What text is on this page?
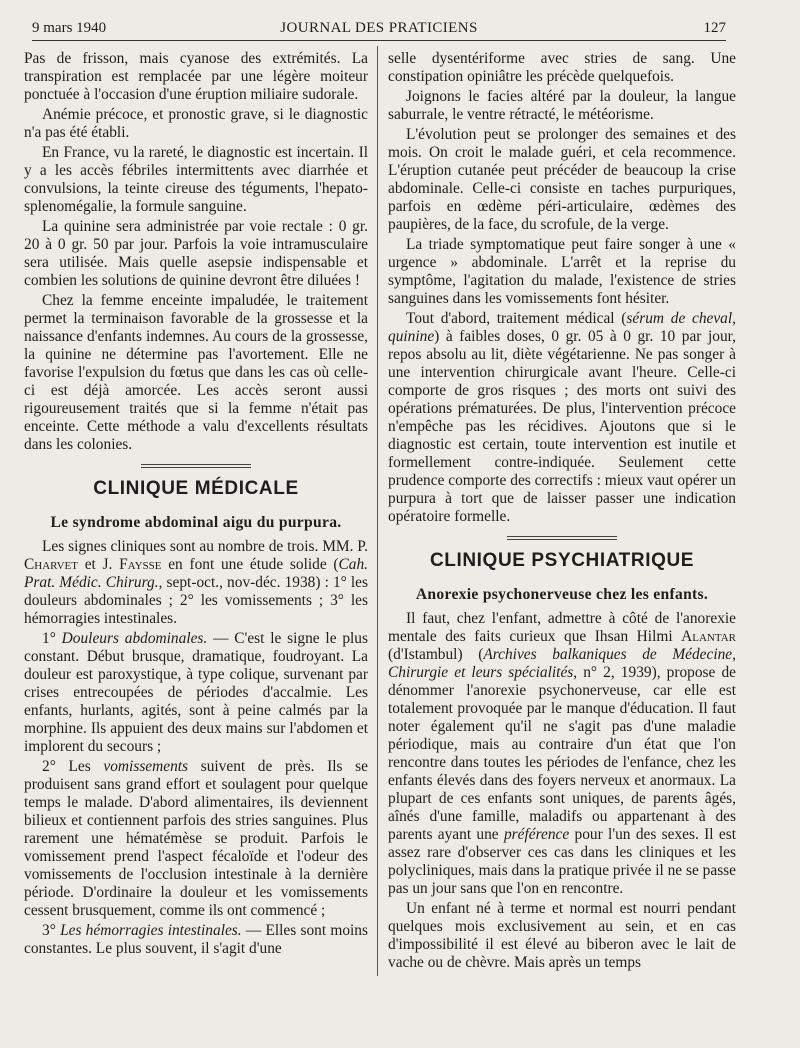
9 mars 1940	JOURNAL DES PRATICIENS	127

Pas de frisson, mais cyanose des extrémités. La transpiration est remplacée par une légère moiteur ponctuée à l'occasion d'une éruption miliaire sudorale.

Anémie précoce, et pronostic grave, si le diagnostic n'a pas été établi.

En France, vu la rareté, le diagnostic est incertain. Il y a les accès fébriles intermittents avec diarrhée et convulsions, la teinte cireuse des téguments, l'hepato-splenomégalie, la formule sanguine.

La quinine sera administrée par voie rectale : 0 gr. 20 à 0 gr. 50 par jour. Parfois la voie intramusculaire sera utilisée. Mais quelle asepsie indispensable et combien les solutions de quinine devront être diluées !

Chez la femme enceinte impaludée, le traitement permet la terminaison favorable de la grossesse et la naissance d'enfants indemnes. Au cours de la grossesse, la quinine ne détermine pas l'avortement. Elle ne favorise l'expulsion du fœtus que dans les cas où celle-ci est déjà amorcée. Les accès seront aussi rigoureusement traités que si la femme n'était pas enceinte. Cette méthode a valu d'excellents résultats dans les colonies.

CLINIQUE MÉDICALE
Le syndrome abdominal aigu du purpura.

Les signes cliniques sont au nombre de trois. MM. P. Charvet et J. Faysse en font une étude solide (Cah. Prat. Médic. Chirurg., sept-oct., nov-déc. 1938) : 1° les douleurs abdominales ; 2° les vomissements ; 3° les hémorragies intestinales.

1° Douleurs abdominales. — C'est le signe le plus constant. Début brusque, dramatique, foudroyant. La douleur est paroxystique, à type colique, survenant par crises entrecoupées de périodes d'accalmie. Les enfants, hurlants, agités, sont à peine calmés par la morphine. Ils appuient des deux mains sur l'abdomen et implorent du secours ;

2° Les vomissements suivent de près. Ils se produisent sans grand effort et soulagent pour quelque temps le malade. D'abord alimentaires, ils deviennent bilieux et contiennent parfois des stries sanguines. Plus rarement une hématémèse se produit. Parfois le vomissement prend l'aspect fécaloïde et l'odeur des vomissements de l'occlusion intestinale à la dernière période. D'ordinaire la douleur et les vomissements cessent brusquement, comme ils ont commencé ;

3° Les hémorragies intestinales. — Elles sont moins constantes. Le plus souvent, il s'agit d'une

selle dysentériforme avec stries de sang. Une constipation opiniâtre les précède quelquefois.

Joignons le facies altéré par la douleur, la langue saburrale, le ventre rétracté, le météorisme.

L'évolution peut se prolonger des semaines et des mois. On croit le malade guéri, et cela recommence. L'éruption cutanée peut précéder de beaucoup la crise abdominale. Celle-ci consiste en taches purpuriques, parfois en œdème péri-articulaire, œdèmes des paupières, de la face, du scrofule, de la verge.

La triade symptomatique peut faire songer à une « urgence » abdominale. L'arrêt et la reprise du symptôme, l'agitation du malade, l'existence de stries sanguines dans les vomissements font hésiter.

Tout d'abord, traitement médical (sérum de cheval, quinine) à faibles doses, 0 gr. 05 à 0 gr. 10 par jour, repos absolu au lit, diète végétarienne. Ne pas songer à une intervention chirurgicale avant l'heure. Celle-ci comporte de gros risques ; des morts ont suivi des opérations prématurées. De plus, l'intervention précoce n'empêche pas les récidives. Ajoutons que si le diagnostic est certain, toute intervention est inutile et formellement contre-indiquée. Seulement cette prudence comporte des correctifs : mieux vaut opérer un purpura à tort que de laisser passer une indication opératoire formelle.

CLINIQUE PSYCHIATRIQUE
Anorexie psychonerveuse chez les enfants.

Il faut, chez l'enfant, admettre à côté de l'anorexie mentale des faits curieux que Ihsan Hilmi Alantar (d'Istambul) (Archives balkaniques de Médecine, Chirurgie et leurs spécialités, n° 2, 1939), propose de dénommer l'anorexie psychonerveuse, car elle est totalement provoquée par le manque d'éducation. Il faut noter également qu'il ne s'agit pas d'une maladie périodique, mais au contraire d'un état que l'on rencontre dans toutes les périodes de l'enfance, chez les enfants élevés dans des foyers nerveux et anormaux. La plupart de ces enfants sont uniques, de parents âgés, aînés d'une famille, maladifs ou appartenant à des parents ayant une préférence pour l'un des sexes. Il est assez rare d'observer ces cas dans les cliniques et les polycliniques, mais dans la pratique privée il ne se passe pas un jour sans que l'on en rencontre.

Un enfant né à terme et normal est nourri pendant quelques mois exclusivement au sein, et en cas d'impossibilité il est élevé au biberon avec le lait de vache ou de chèvre. Mais après un temps
